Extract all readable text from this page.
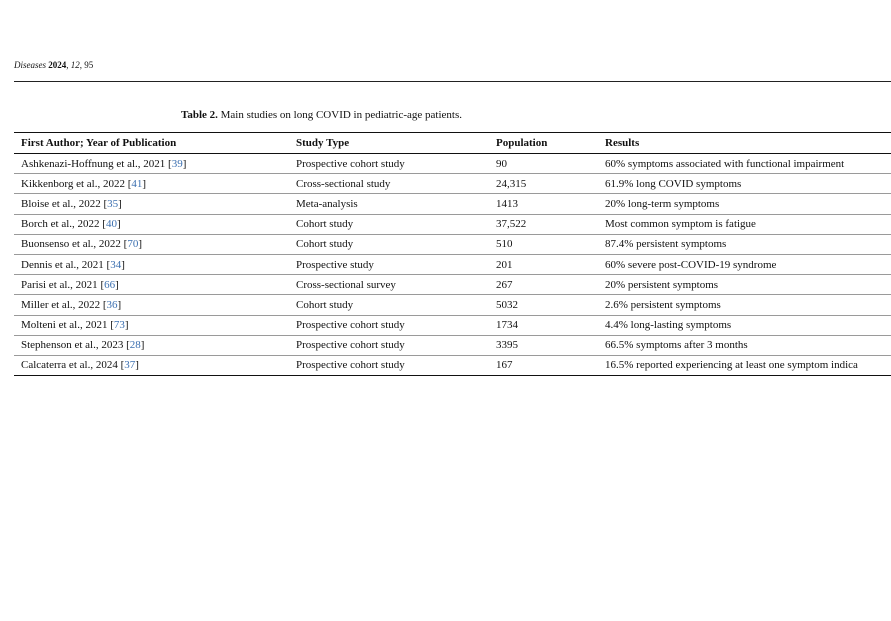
Diseases 2024, 12, 95
Table 2. Main studies on long COVID in pediatric-age patients.
First Author; Year of Publication	Study Type	Population	Results
Ashkenazi-Hoffnung et al., 2021 [39]	Prospective cohort study	90	60% symptoms associated with functional impairment
Kikkenborg et al., 2022 [41]	Cross-sectional study	24,315	61.9% long COVID symptoms
Bloise et al., 2022 [35]	Meta-analysis	1413	20% long-term symptoms
Borch et al., 2022 [40]	Cohort study	37,522	Most common symptom is fatigue
Buonsenso et al., 2022 [70]	Cohort study	510	87.4% persistent symptoms
Dennis et al., 2021 [34]	Prospective study	201	60% severe post-COVID-19 syndrome
Parisi et al., 2021 [66]	Cross-sectional survey	267	20% persistent symptoms
Miller et al., 2022 [36]	Cohort study	5032	2.6% persistent symptoms
Molteni et al., 2021 [73]	Prospective cohort study	1734	4.4% long-lasting symptoms
Stephenson et al., 2023 [28]	Prospective cohort study	3395	66.5% symptoms after 3 months
Calcaterra et al., 2024 [37]	Prospective cohort study	167	16.5% reported experiencing at least one symptom indica
